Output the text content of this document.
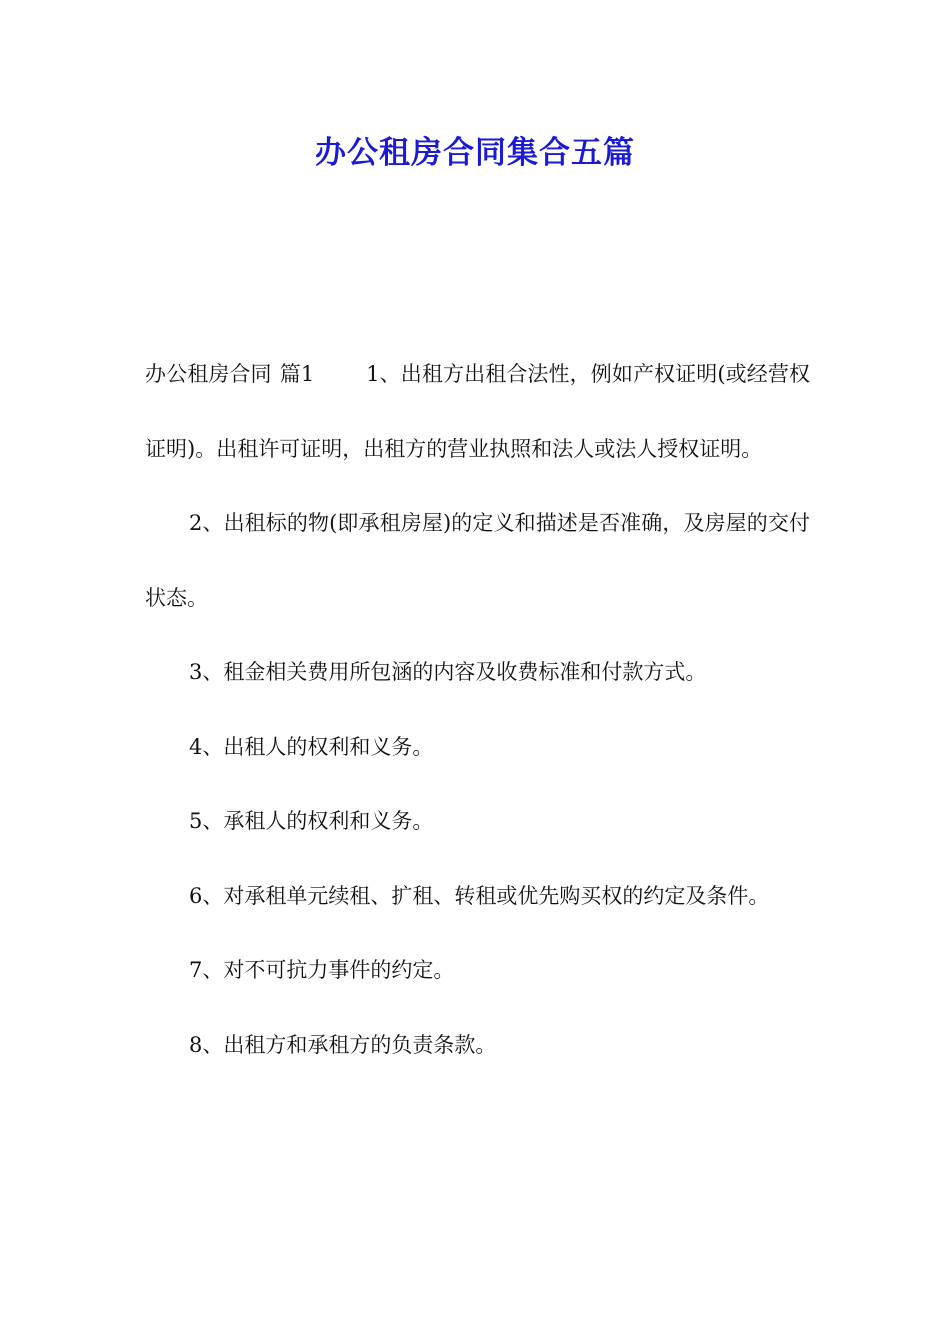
办公租房合同集合五篇

办公租房合同 篇1 1、出租方出租合法性，例如产权证明(或经营权证明)。出租许可证明，出租方的营业执照和法人或法人授权证明。

2、出租标的物(即承租房屋)的定义和描述是否准确，及房屋的交付状态。

3、租金相关费用所包涵的内容及收费标准和付款方式。

4、出租人的权利和义务。

5、承租人的权利和义务。

6、对承租单元续租、扩租、转租或优先购买权的约定及条件。

7、对不可抗力事件的约定。

8、出租方和承租方的负责条款。
